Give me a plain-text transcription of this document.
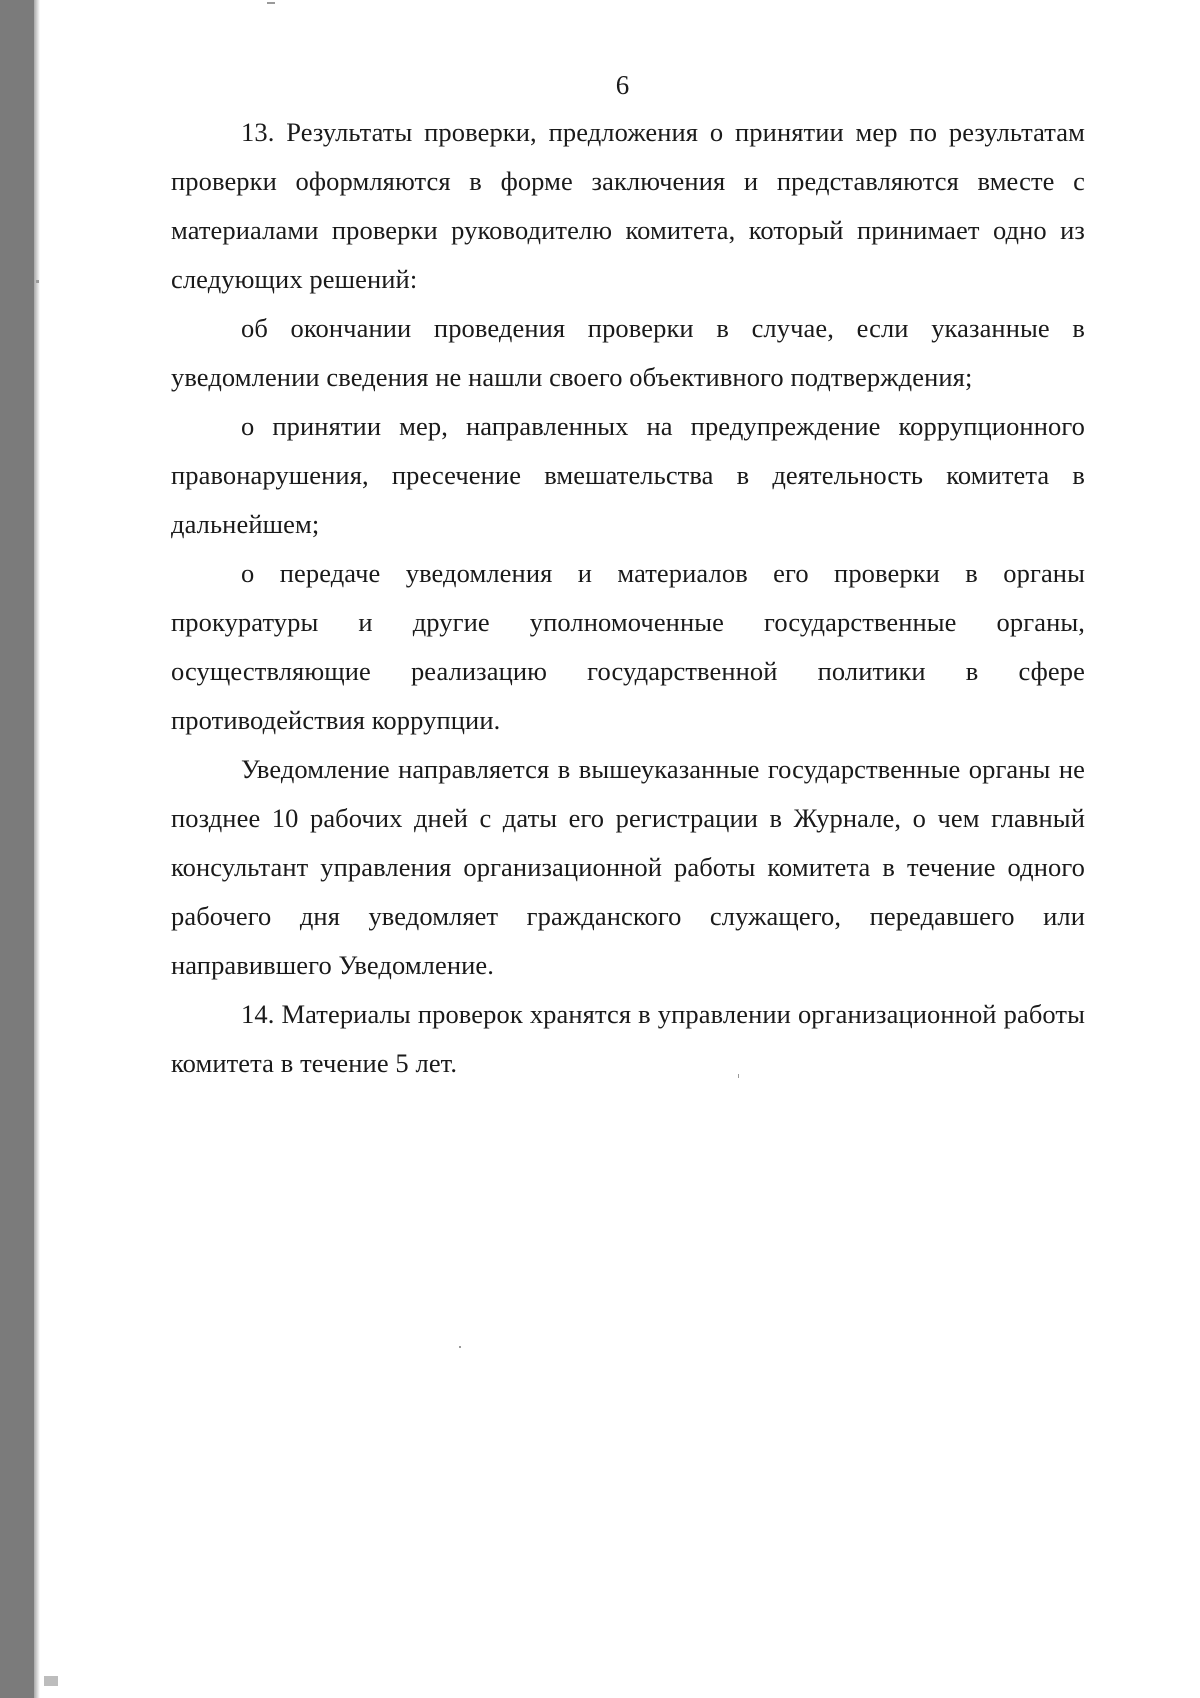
6

13. Результаты проверки, предложения о принятии мер по результатам проверки оформляются в форме заключения и представляются вместе с материалами проверки руководителю комитета, который принимает одно из следующих решений:

об окончании проведения проверки в случае, если указанные в уведомлении сведения не нашли своего объективного подтверждения;

о принятии мер, направленных на предупреждение коррупционного правонарушения, пресечение вмешательства в деятельность комитета в дальнейшем;

о передаче уведомления и материалов его проверки в органы прокуратуры и другие уполномоченные государственные органы, осуществляющие реализацию государственной политики в сфере противодействия коррупции.

Уведомление направляется в вышеуказанные государственные органы не позднее 10 рабочих дней с даты его регистрации в Журнале, о чем главный консультант управления организационной работы комитета в течение одного рабочего дня уведомляет гражданского служащего, передавшего или направившего Уведомление.

14. Материалы проверок хранятся в управлении организационной работы комитета в течение 5 лет.
